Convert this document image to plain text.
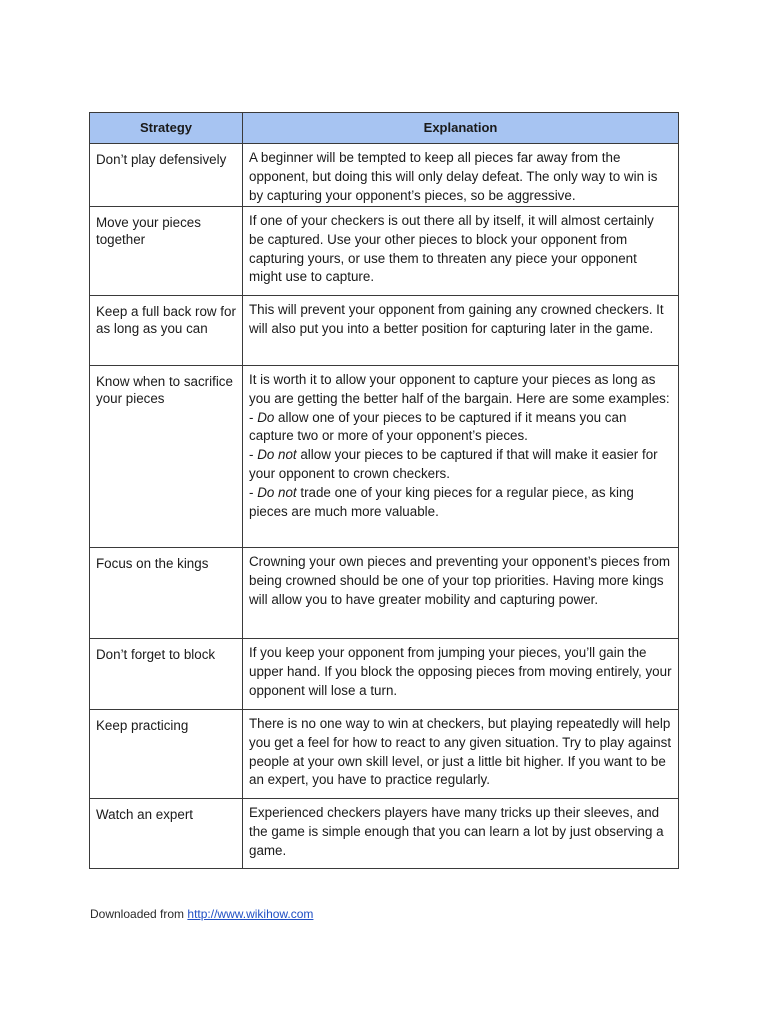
Strategy	Explanation
Don’t play defensively	A beginner will be tempted to keep all pieces far away from the opponent, but doing this will only delay defeat. The only way to win is by capturing your opponent’s pieces, so be aggressive.

Move your pieces together	If one of your checkers is out there all by itself, it will almost certainly be captured. Use your other pieces to block your opponent from capturing yours, or use them to threaten any piece your opponent might use to capture.

Keep a full back row for as long as you can	This will prevent your opponent from gaining any crowned checkers. It will also put you into a better position for capturing later in the game.

Know when to sacrifice your pieces	It is worth it to allow your opponent to capture your pieces as long as you are getting the better half of the bargain. Here are some examples:
- Do allow one of your pieces to be captured if it means you can capture two or more of your opponent’s pieces.
- Do not allow your pieces to be captured if that will make it easier for your opponent to crown checkers.
- Do not trade one of your king pieces for a regular piece, as king pieces are much more valuable.

Focus on the kings	Crowning your own pieces and preventing your opponent’s pieces from being crowned should be one of your top priorities. Having more kings will allow you to have greater mobility and capturing power.

Don’t forget to block	If you keep your opponent from jumping your pieces, you’ll gain the upper hand. If you block the opposing pieces from moving entirely, your opponent will lose a turn.

Keep practicing	There is no one way to win at checkers, but playing repeatedly will help you get a feel for how to react to any given situation. Try to play against people at your own skill level, or just a little bit higher. If you want to be an expert, you have to practice regularly.

Watch an expert	Experienced checkers players have many tricks up their sleeves, and the game is simple enough that you can learn a lot by just observing a game.
Downloaded from http://www.wikihow.com
